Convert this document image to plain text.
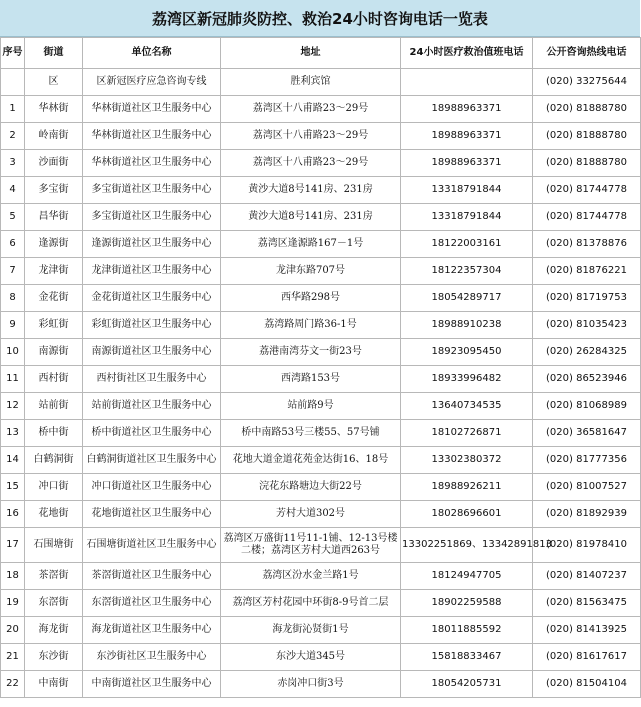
荔湾区新冠肺炎防控、救治24小时咨询电话一览表
序号	街道	单位名称	地址	24小时医疗救治值班电话	公开咨询热线电话
	区	区新冠医疗应急咨询专线	胜利宾馆		(020) 33275644
1	华林街	华林街道社区卫生服务中心	荔湾区十八甫路23～29号	18988963371	(020) 81888780
2	岭南街	华林街道社区卫生服务中心	荔湾区十八甫路23～29号	18988963371	(020) 81888780
3	沙面街	华林街道社区卫生服务中心	荔湾区十八甫路23～29号	18988963371	(020) 81888780
4	多宝街	多宝街道社区卫生服务中心	黄沙大道8号141房、231房	13318791844	(020) 81744778
5	昌华街	多宝街道社区卫生服务中心	黄沙大道8号141房、231房	13318791844	(020) 81744778
6	逢源街	逢源街道社区卫生服务中心	荔湾区逢源路167－1号	18122003161	(020) 81378876
7	龙津街	龙津街道社区卫生服务中心	龙津东路707号	18122357304	(020) 81876221
8	金花街	金花街道社区卫生服务中心	西华路298号	18054289717	(020) 81719753
9	彩虹街	彩虹街道社区卫生服务中心	荔湾路周门路36-1号	18988910238	(020) 81035423
10	南源街	南源街道社区卫生服务中心	荔港南湾芬文一街23号	18923095450	(020) 26284325
11	西村街	西村街社区卫生服务中心	西湾路153号	18933996482	(020) 86523946
12	站前街	站前街道社区卫生服务中心	站前路9号	13640734535	(020) 81068989
13	桥中街	桥中街道社区卫生服务中心	桥中南路53号三楼55、57号铺	18102726871	(020) 36581647
14	白鹤洞街	白鹤洞街道社区卫生服务中心	花地大道金道花苑金达街16、18号	13302380372	(020) 81777356
15	冲口街	冲口街道社区卫生服务中心	浣花东路塘边大街22号	18988926211	(020) 81007527
16	花地街	花地街道社区卫生服务中心	芳村大道302号	18028696601	(020) 81892939
17	石围塘街	石围塘街道社区卫生服务中心	荔湾区万盛街11号11-1铺、12-13号楼
二楼；荔湾区芳村大道西263号	13302251869、13342891813	(020) 81978410
18	茶滘街	茶滘街道社区卫生服务中心	荔湾区汾水金兰路1号	18124947705	(020) 81407237
19	东滘街	东滘街道社区卫生服务中心	荔湾区芳村花园中环街8-9号首二层	18902259588	(020) 81563475
20	海龙街	海龙街道社区卫生服务中心	海龙街沁贤街1号	18011885592	(020) 81413925
21	东沙街	东沙街社区卫生服务中心	东沙大道345号	15818833467	(020) 81617617
22	中南街	中南街道社区卫生服务中心	赤岗冲口街3号	18054205731	(020) 81504104
